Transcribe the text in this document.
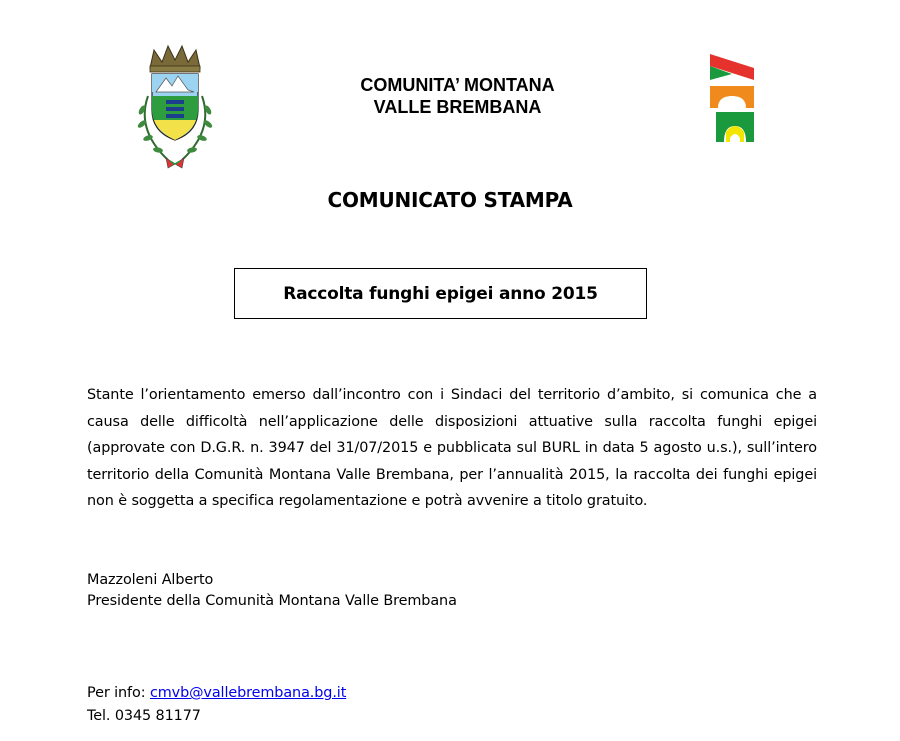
COMUNITA’ MONTANA
VALLE BREMBANA
COMUNICATO STAMPA
Raccolta funghi epigei anno 2015
Stante l’orientamento emerso dall’incontro con i Sindaci del territorio d’ambito, si comunica che a causa delle difficoltà nell’applicazione delle disposizioni attuative sulla raccolta funghi epigei (approvate con D.G.R. n. 3947 del 31/07/2015 e pubblicata sul BURL in data 5 agosto u.s.), sull’intero territorio della Comunità Montana Valle Brembana, per l’annualità 2015, la raccolta dei funghi epigei non è soggetta a specifica regolamentazione e potrà avvenire a titolo gratuito.
Mazzoleni Alberto
Presidente della Comunità Montana Valle Brembana
Per info: cmvb@vallebrembana.bg.it
Tel. 0345 81177
